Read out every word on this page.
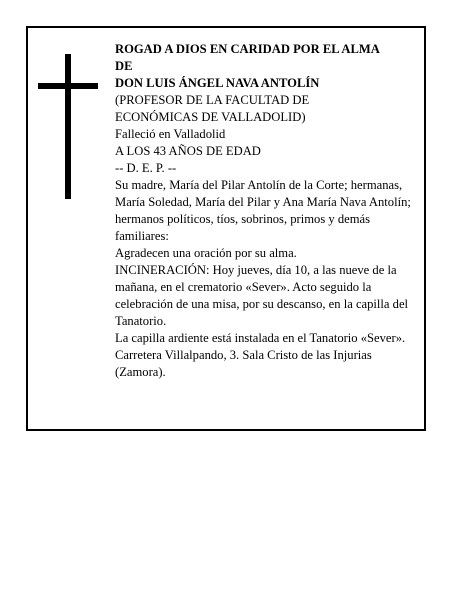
ROGAD A DIOS EN CARIDAD POR EL ALMA
DE
DON LUIS ÁNGEL NAVA ANTOLÍN
(PROFESOR DE LA FACULTAD DE
ECONÓMICAS DE VALLADOLID)
Falleció en Valladolid
A LOS 43 AÑOS DE EDAD
-- D. E. P. --
Su madre, María del Pilar Antolín de la Corte; hermanas, María Soledad, María del Pilar y Ana María Nava Antolín; hermanos políticos, tíos, sobrinos, primos y demás familiares:
Agradecen una oración por su alma.
INCINERACIÓN: Hoy jueves, día 10, a las nueve de la mañana, en el crematorio «Sever». Acto seguido la celebración de una misa, por su descanso, en la capilla del Tanatorio.
La capilla ardiente está instalada en el Tanatorio «Sever». Carretera Villalpando, 3. Sala Cristo de las Injurias (Zamora).
